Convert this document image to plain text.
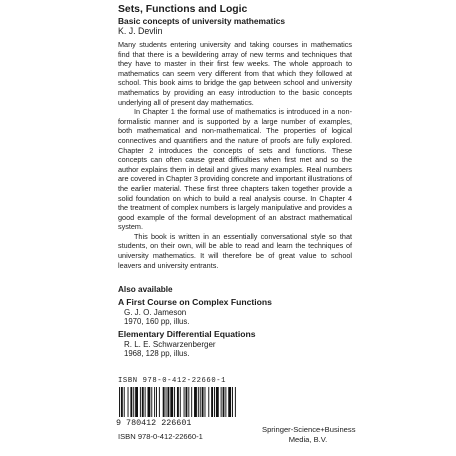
Sets, Functions and Logic
Basic concepts of university mathematics
K. J. Devlin

Many students entering university and taking courses in mathematics find that there is a bewildering array of new terms and techniques that they have to master in their first few weeks. The whole approach to mathematics can seem very different from that which they followed at school. This book aims to bridge the gap between school and university mathematics by providing an easy introduction to the basic concepts underlying all of present day mathematics.

In Chapter 1 the formal use of mathematics is introduced in a non-formalistic manner and is supported by a large number of examples, both mathematical and non-mathematical. The properties of logical connectives and quantifiers and the nature of proofs are fully explored. Chapter 2 introduces the concepts of sets and functions. These concepts can often cause great difficulties when first met and so the author explains them in detail and gives many examples. Real numbers are covered in Chapter 3 providing concrete and important illustrations of the earlier material. These first three chapters taken together provide a solid foundation on which to build a real analysis course. In Chapter 4 the treatment of complex numbers is largely manipulative and provides a good example of the formal development of an abstract mathematical system.

This book is written in an essentially conversational style so that students, on their own, will be able to read and learn the techniques of university mathematics. It will therefore be of great value to school leavers and university entrants.

Also available
A First Course on Complex Functions
G. J. O. Jameson
1970, 160 pp, illus.
Elementary Differential Equations
R. L. E. Schwarzenberger
1968, 128 pp, illus.
ISBN 978-0-412-22660-1
9 780412 226601
ISBN 978-0-412-22660-1
Springer-Science+Business
Media, B.V.
